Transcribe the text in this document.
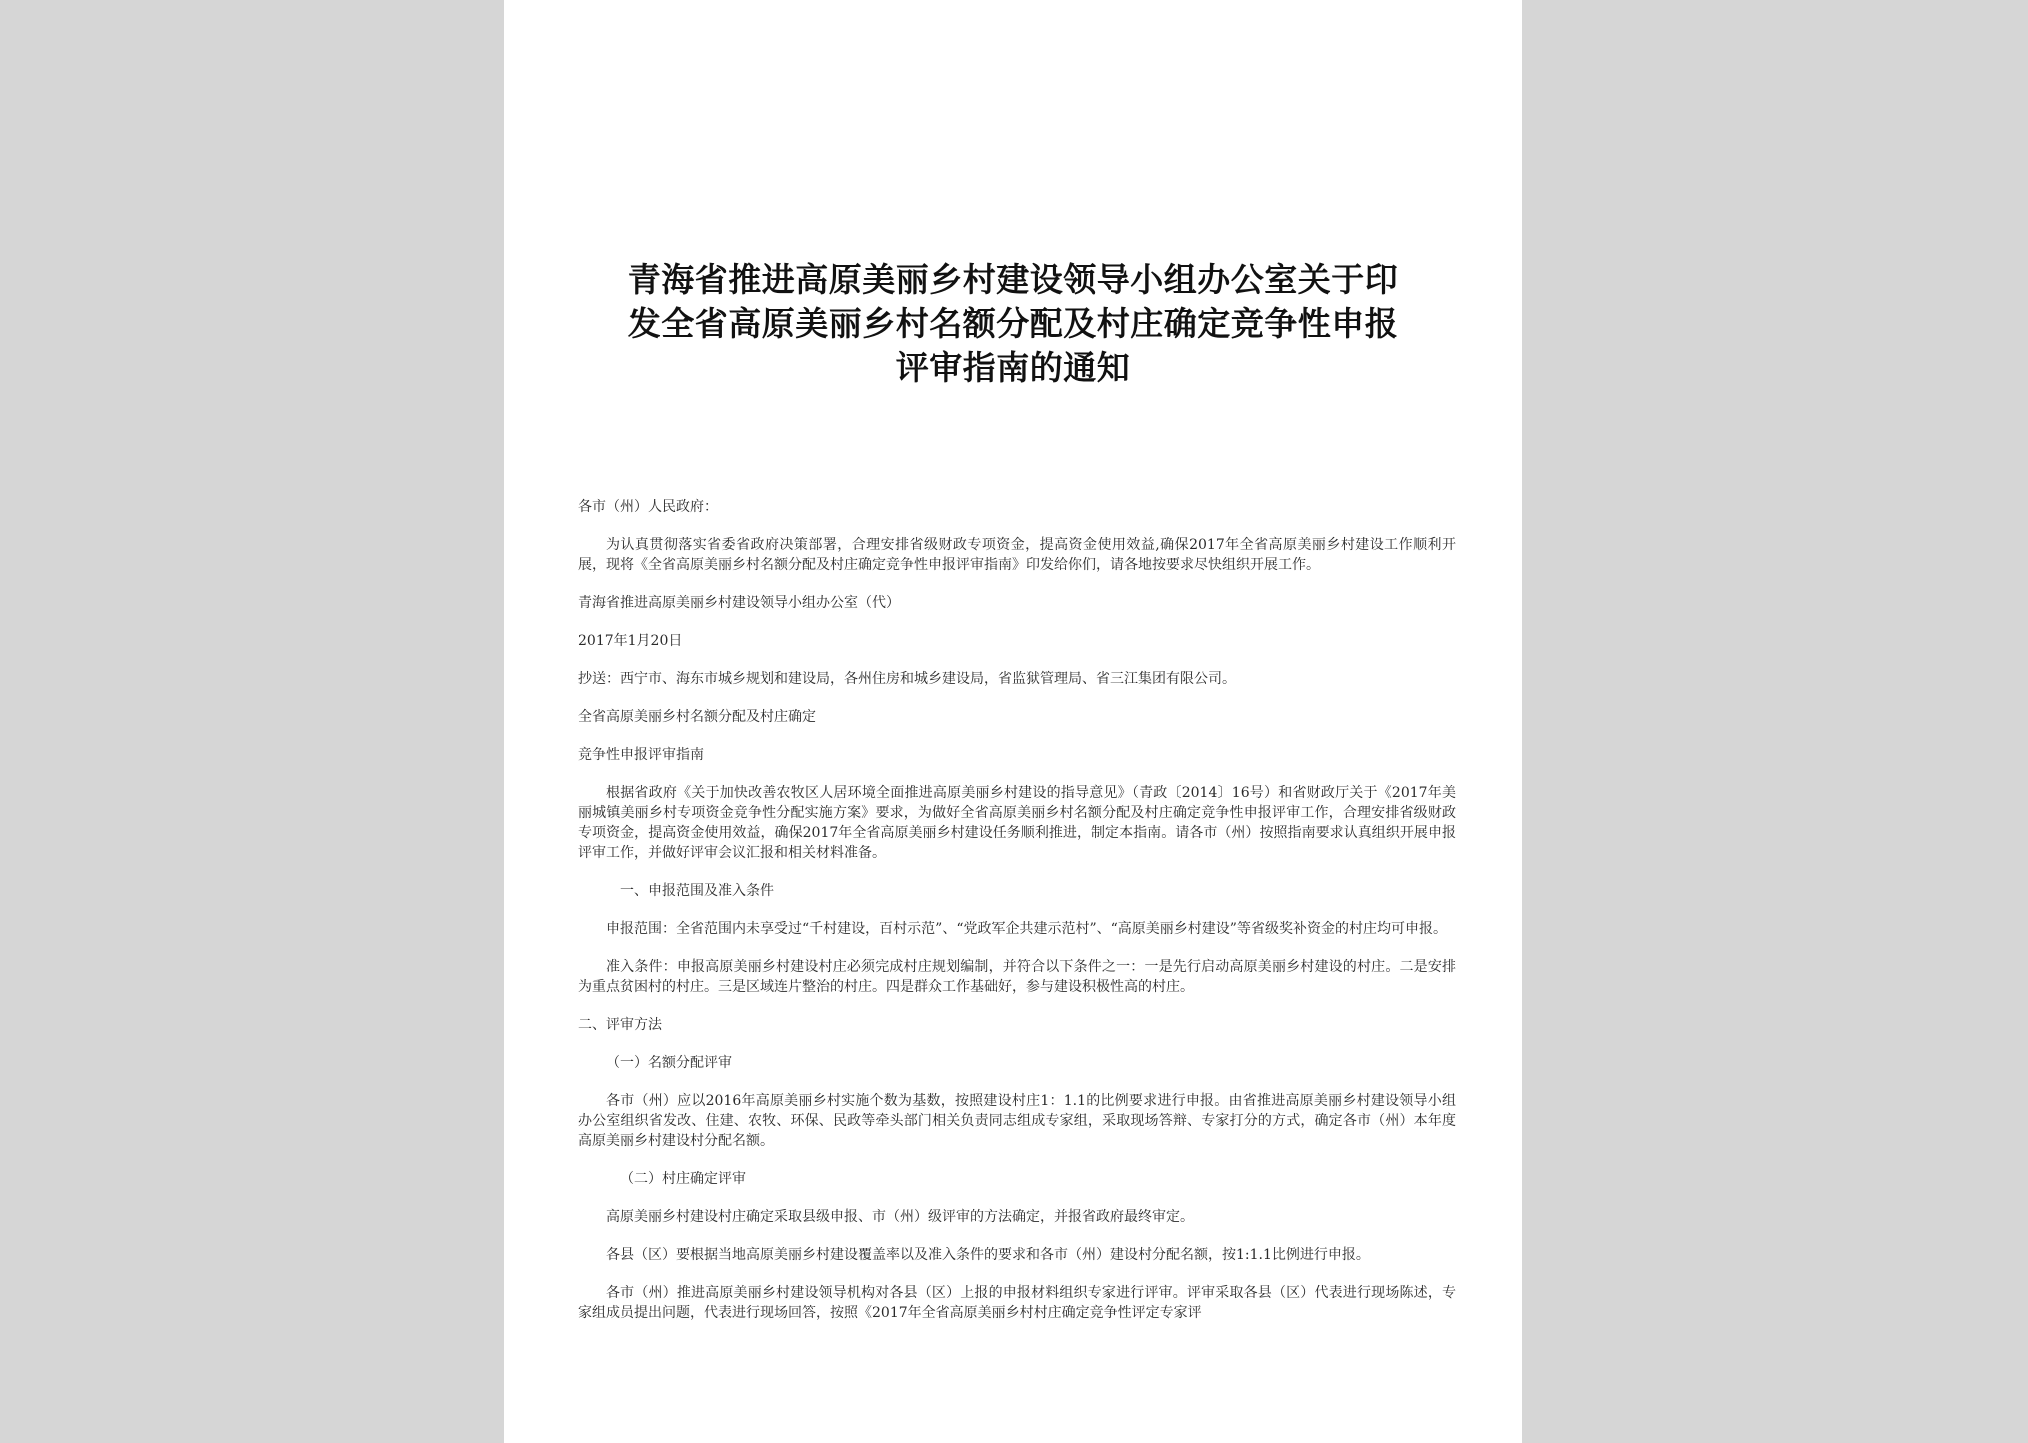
青海省推进高原美丽乡村建设领导小组办公室关于印
发全省高原美丽乡村名额分配及村庄确定竞争性申报
评审指南的通知

各市（州）人民政府：

为认真贯彻落实省委省政府决策部署，合理安排省级财政专项资金，提高资金使用效益,确保2017年全省高原美丽乡村建设工作顺利开展，现将《全省高原美丽乡村名额分配及村庄确定竞争性申报评审指南》印发给你们，请各地按要求尽快组织开展工作。

青海省推进高原美丽乡村建设领导小组办公室（代）

2017年1月20日

抄送：西宁市、海东市城乡规划和建设局，各州住房和城乡建设局，省监狱管理局、省三江集团有限公司。

全省高原美丽乡村名额分配及村庄确定

竞争性申报评审指南

根据省政府《关于加快改善农牧区人居环境全面推进高原美丽乡村建设的指导意见》（青政〔2014〕16号）和省财政厅关于《2017年美丽城镇美丽乡村专项资金竞争性分配实施方案》要求，为做好全省高原美丽乡村名额分配及村庄确定竞争性申报评审工作，合理安排省级财政专项资金，提高资金使用效益，确保2017年全省高原美丽乡村建设任务顺利推进，制定本指南。请各市（州）按照指南要求认真组织开展申报评审工作，并做好评审会议汇报和相关材料准备。

一、申报范围及准入条件

申报范围：全省范围内未享受过“千村建设，百村示范”、“党政军企共建示范村”、“高原美丽乡村建设”等省级奖补资金的村庄均可申报。

准入条件：申报高原美丽乡村建设村庄必须完成村庄规划编制，并符合以下条件之一：一是先行启动高原美丽乡村建设的村庄。二是安排为重点贫困村的村庄。三是区域连片整治的村庄。四是群众工作基础好，参与建设积极性高的村庄。

二、评审方法

（一）名额分配评审

各市（州）应以2016年高原美丽乡村实施个数为基数，按照建设村庄1：1.1的比例要求进行申报。由省推进高原美丽乡村建设领导小组办公室组织省发改、住建、农牧、环保、民政等牵头部门相关负责同志组成专家组，采取现场答辩、专家打分的方式，确定各市（州）本年度高原美丽乡村建设村分配名额。

（二）村庄确定评审

高原美丽乡村建设村庄确定采取县级申报、市（州）级评审的方法确定，并报省政府最终审定。

各县（区）要根据当地高原美丽乡村建设覆盖率以及准入条件的要求和各市（州）建设村分配名额，按1:1.1比例进行申报。

各市（州）推进高原美丽乡村建设领导机构对各县（区）上报的申报材料组织专家进行评审。评审采取各县（区）代表进行现场陈述，专家组成员提出问题，代表进行现场回答，按照《2017年全省高原美丽乡村村庄确定竞争性评定专家评
